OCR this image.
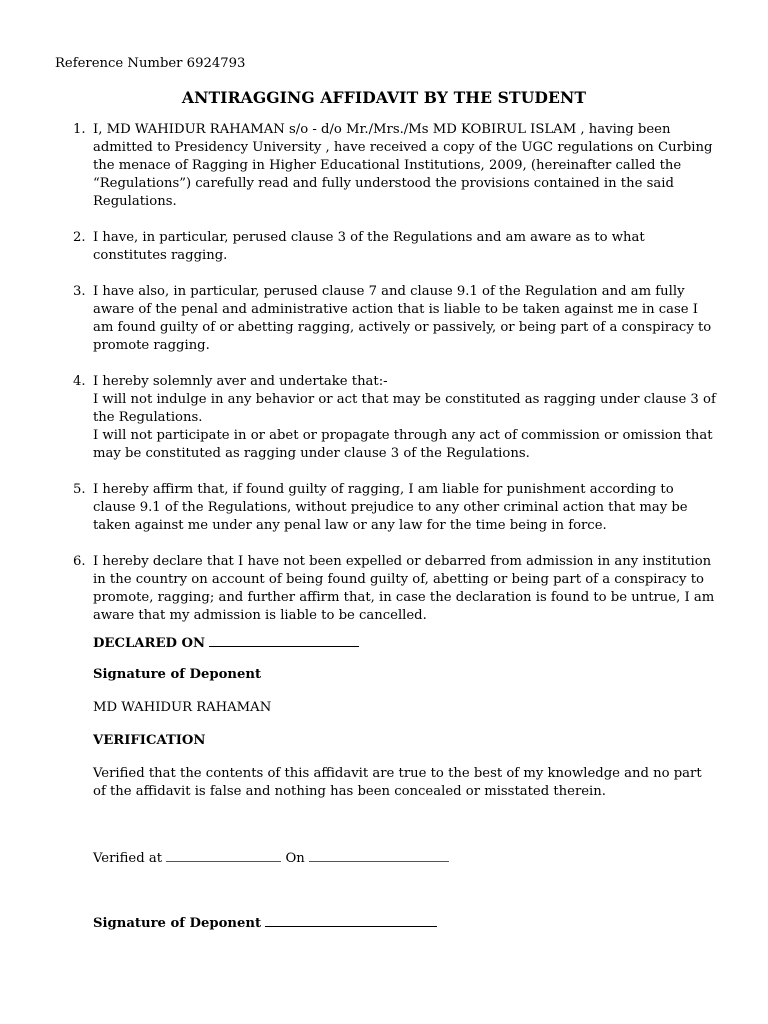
Reference Number 6924793
ANTIRAGGING AFFIDAVIT BY THE STUDENT
1. I, MD WAHIDUR RAHAMAN s/o - d/o Mr./Mrs./Ms MD KOBIRUL ISLAM , having been admitted to Presidency University , have received a copy of the UGC regulations on Curbing the menace of Ragging in Higher Educational Institutions, 2009, (hereinafter called the “Regulations”) carefully read and fully understood the provisions contained in the said Regulations.

2. I have, in particular, perused clause 3 of the Regulations and am aware as to what constitutes ragging.

3. I have also, in particular, perused clause 7 and clause 9.1 of the Regulation and am fully aware of the penal and administrative action that is liable to be taken against me in case I am found guilty of or abetting ragging, actively or passively, or being part of a conspiracy to promote ragging.

4. I hereby solemnly aver and undertake that:-

I will not indulge in any behavior or act that may be constituted as ragging under clause 3 of the Regulations.

I will not participate in or abet or propagate through any act of commission or omission that may be constituted as ragging under clause 3 of the Regulations.

5. I hereby affirm that, if found guilty of ragging, I am liable for punishment according to clause 9.1 of the Regulations, without prejudice to any other criminal action that may be taken against me under any penal law or any law for the time being in force.

6. I hereby declare that I have not been expelled or debarred from admission in any institution in the country on account of being found guilty of, abetting or being part of a conspiracy to promote, ragging; and further affirm that, in case the declaration is found to be untrue, I am aware that my admission is liable to be cancelled.

DECLARED ON
Signature of Deponent
MD WAHIDUR RAHAMAN
VERIFICATION
Verified that the contents of this affidavit are true to the best of my knowledge and no part of the affidavit is false and nothing has been concealed or misstated therein.
Verified at	On
Signature of Deponent
